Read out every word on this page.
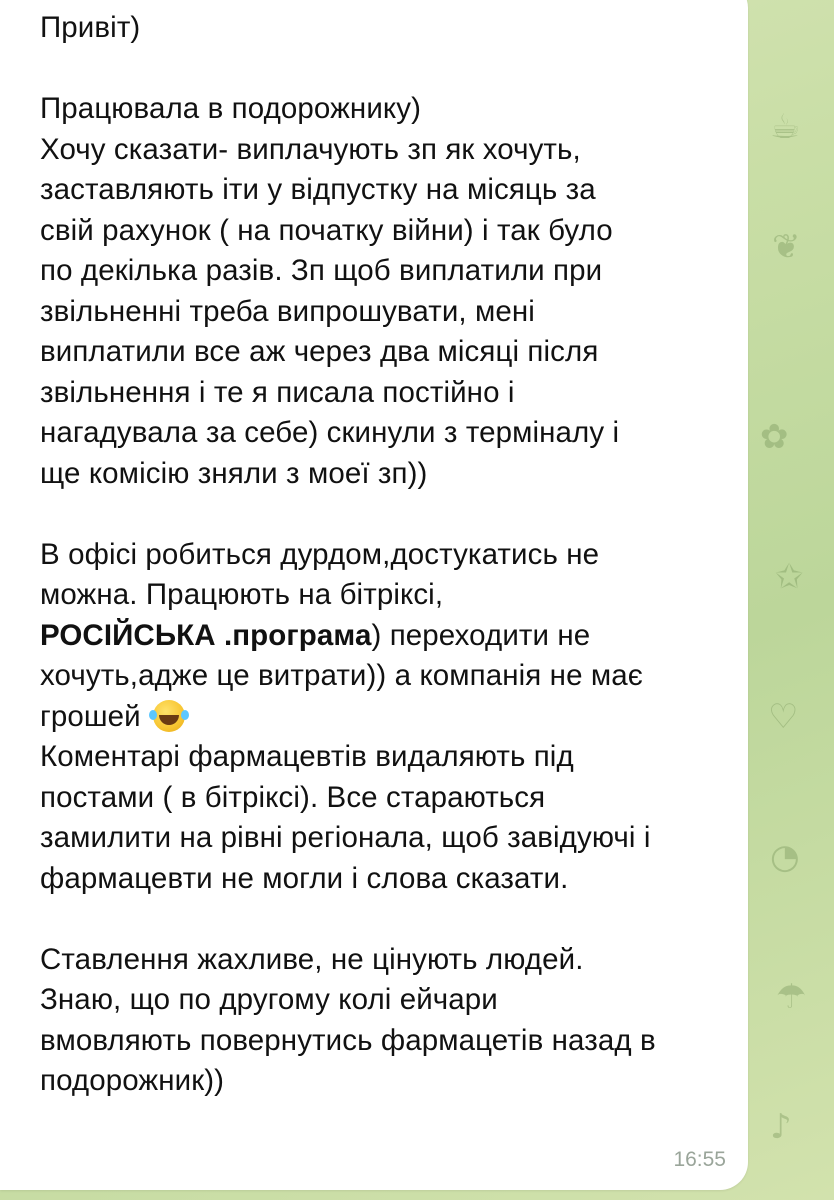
☕
❦
✿
✩
♡
◔
☂
♪
Привіт)
Працювала в подорожнику)
Хочу сказати- виплачують зп як хочуть,
заставляють іти у відпустку на місяць за
свій рахунок ( на початку війни) і так було
по декілька разів. Зп щоб виплатили при
звільненні треба випрошувати, мені
виплатили все аж через два місяці після
звільнення і те я писала постійно і
нагадувала за себе) скинули з терміналу і
ще комісію зняли з моеї зп))
В офісі робиться дурдом,достукатись не
можна. Працюють на бітріксі,
РОСІЙСЬКА .програма) переходити не
хочуть,адже це витрати)) а компанія не має
грошей
Коментарі фармацевтів видаляють під
постами ( в бітріксі). Все стараються
замилити на рівні регіонала, щоб завідуючі і
фармацевти не могли і слова сказати.
Ставлення жахливе, не цінують людей.
Знаю, що по другому колі ейчари
вмовляють повернутись фармацетів назад в
подорожник))
16:55
